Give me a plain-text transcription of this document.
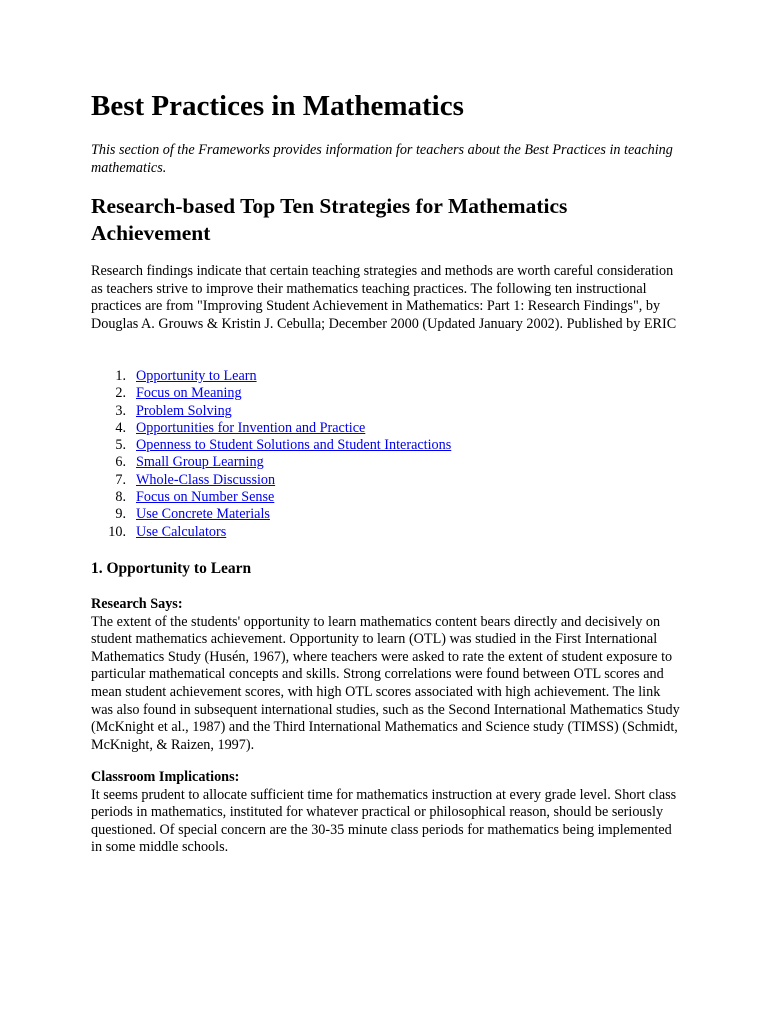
Best Practices in Mathematics

This section of the Frameworks provides information for teachers about the Best Practices in teaching mathematics.

Research-based Top Ten Strategies for Mathematics Achievement

Research findings indicate that certain teaching strategies and methods are worth careful consideration as teachers strive to improve their mathematics teaching practices. The following ten instructional practices are from "Improving Student Achievement in Mathematics: Part 1: Research Findings", by Douglas A. Grouws & Kristin J. Cebulla; December 2000 (Updated January 2002). Published by ERIC

1. Opportunity to Learn
2. Focus on Meaning
3. Problem Solving
4. Opportunities for Invention and Practice
5. Openness to Student Solutions and Student Interactions
6. Small Group Learning
7. Whole-Class Discussion
8. Focus on Number Sense
9. Use Concrete Materials
10. Use Calculators
1. Opportunity to Learn
Research Says:

The extent of the students' opportunity to learn mathematics content bears directly and decisively on student mathematics achievement. Opportunity to learn (OTL) was studied in the First International Mathematics Study (Husén, 1967), where teachers were asked to rate the extent of student exposure to particular mathematical concepts and skills. Strong correlations were found between OTL scores and mean student achievement scores, with high OTL scores associated with high achievement. The link was also found in subsequent international studies, such as the Second International Mathematics Study (McKnight et al., 1987) and the Third International Mathematics and Science study (TIMSS) (Schmidt, McKnight, & Raizen, 1997).

Classroom Implications:

It seems prudent to allocate sufficient time for mathematics instruction at every grade level. Short class periods in mathematics, instituted for whatever practical or philosophical reason, should be seriously questioned. Of special concern are the 30-35 minute class periods for mathematics being implemented in some middle schools.
